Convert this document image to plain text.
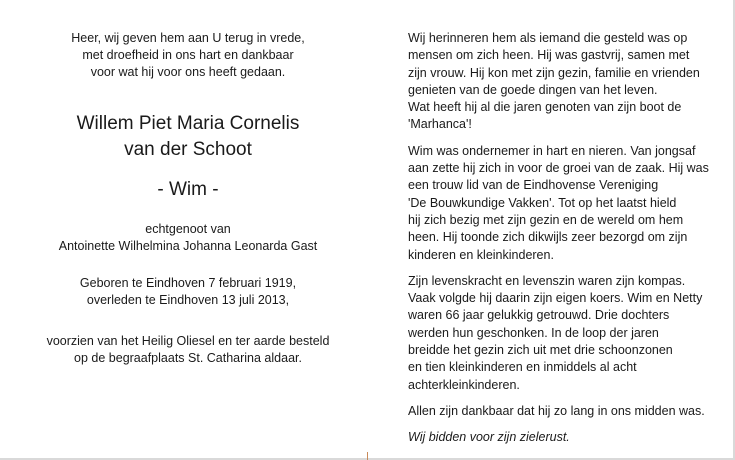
Heer, wij geven hem aan U terug in vrede,
met droefheid in ons hart en dankbaar
voor wat hij voor ons heeft gedaan.

Willem Piet Maria Cornelis
van der Schoot

- Wim -

echtgenoot van

Antoinette Wilhelmina Johanna Leonarda Gast

Geboren te Eindhoven 7 februari 1919,
overleden te Eindhoven 13 juli 2013,

voorzien van het Heilig Oliesel en ter aarde besteld
op de begraafplaats St. Catharina aldaar.

Wij herinneren hem als iemand die gesteld was op
mensen om zich heen. Hij was gastvrij, samen met
zijn vrouw. Hij kon met zijn gezin, familie en vrienden
genieten van de goede dingen van het leven.
Wat heeft hij al die jaren genoten van zijn boot de
'Marhanca'!

Wim was ondernemer in hart en nieren. Van jongsaf
aan zette hij zich in voor de groei van de zaak. Hij was
een trouw lid van de Eindhovense Vereniging
'De Bouwkundige Vakken'. Tot op het laatst hield
hij zich bezig met zijn gezin en de wereld om hem
heen. Hij toonde zich dikwijls zeer bezorgd om zijn
kinderen en kleinkinderen.

Zijn levenskracht en levenszin waren zijn kompas.
Vaak volgde hij daarin zijn eigen koers. Wim en Netty
waren 66 jaar gelukkig getrouwd. Drie dochters
werden hun geschonken. In de loop der jaren
breidde het gezin zich uit met drie schoonzonen
en tien kleinkinderen en inmiddels al acht
achterkleinkinderen.

Allen zijn dankbaar dat hij zo lang in ons midden was.

Wij bidden voor zijn zielerust.
